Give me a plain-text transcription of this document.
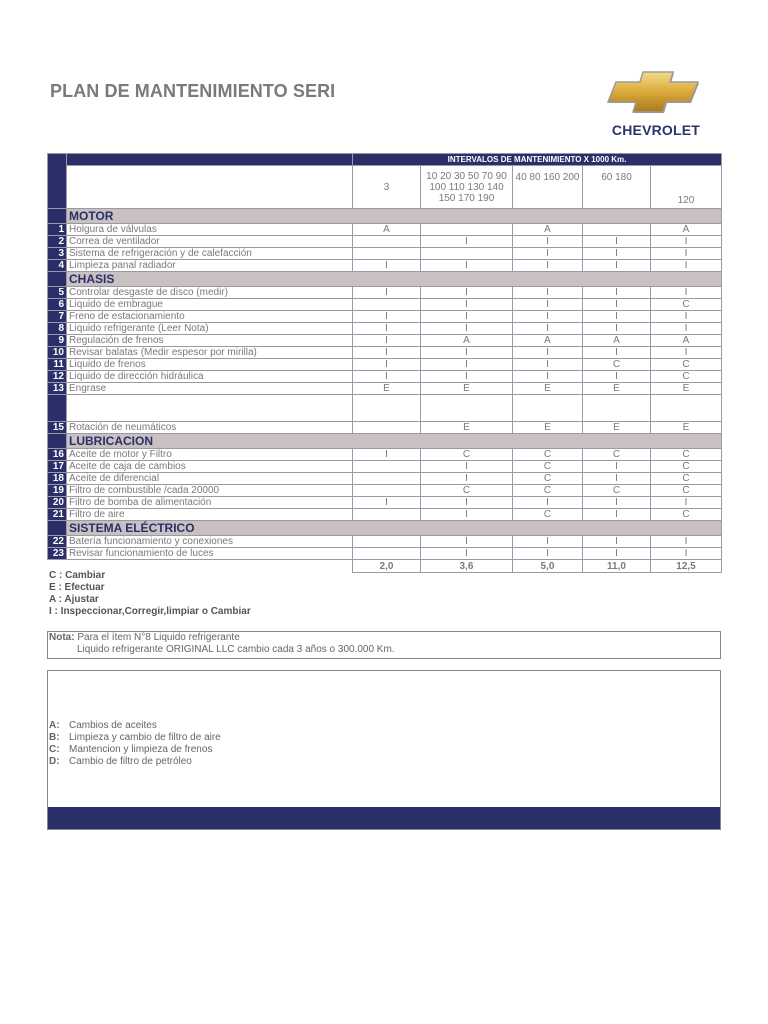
PLAN DE MANTENIMIENTO SERI
CHEVROLET
		INTERVALOS DE MANTENIMIENTO X 1000 Km.				
		3	10 20 30 50 70 90 100 110 130 140 150 170 190	40 80 160 200	60 180	120
	MOTOR					
1	Holgura de válvulas	A		A		A
2	Correa de ventilador		I	I	I	I
3	Sistema de refrigeración y de calefacción			I	I	I
4	Limpieza panal radiador	I	I	I	I	I
	CHASIS					
5	Controlar desgaste de disco (medir)	I	I	I	I	I
6	Liquido de embrague		I	I	I	C
7	Freno de estacionamiento	I	I	I	I	I
8	Liquido refrigerante (Leer Nota)	I	I	I	I	I
9	Regulación de frenos	I	A	A	A	A
10	Revisar balatas (Medir espesor por mirilla)	I	I	I	I	I
11	Liquido de frenos	I	I	I	C	C
12	Liquido de dirección hidráulica	I	I	I	I	C
13	Engrase	E	E	E	E	E

15	Rotación de neumáticos		E	E	E	E
	LUBRICACION					
16	Aceite de motor y Filtro	I	C	C	C	C
17	Aceite de caja de cambios		I	C	I	C
18	Aceite de diferencial		I	C	I	C
19	Filtro de combustible /cada 20000		C	C	C	C
20	Filtro de bomba de alimentación	I	I	I	I	I
21	Filtro de aire		I	C	I	C
	SISTEMA ELÉCTRICO					
22	Batería funcionamiento y conexiones		I	I	I	I
23	Revisar funcionamiento de luces		I	I	I	I
		2,0	3,6	5,0	11,0	12,5
C : Cambiar
E : Efectuar
A : Ajustar
I : Inspeccionar,Corregir,limpiar o Cambiar
Nota: Para el ítem N°8 Liquido refrigerante
Liquido refrigerante ORIGINAL LLC cambio cada 3 años o 300.000 Km.
A: Cambios de aceites
B: Limpieza y cambio de filtro de aire
C: Mantencion y limpieza de frenos
D: Cambio de filtro de petróleo
